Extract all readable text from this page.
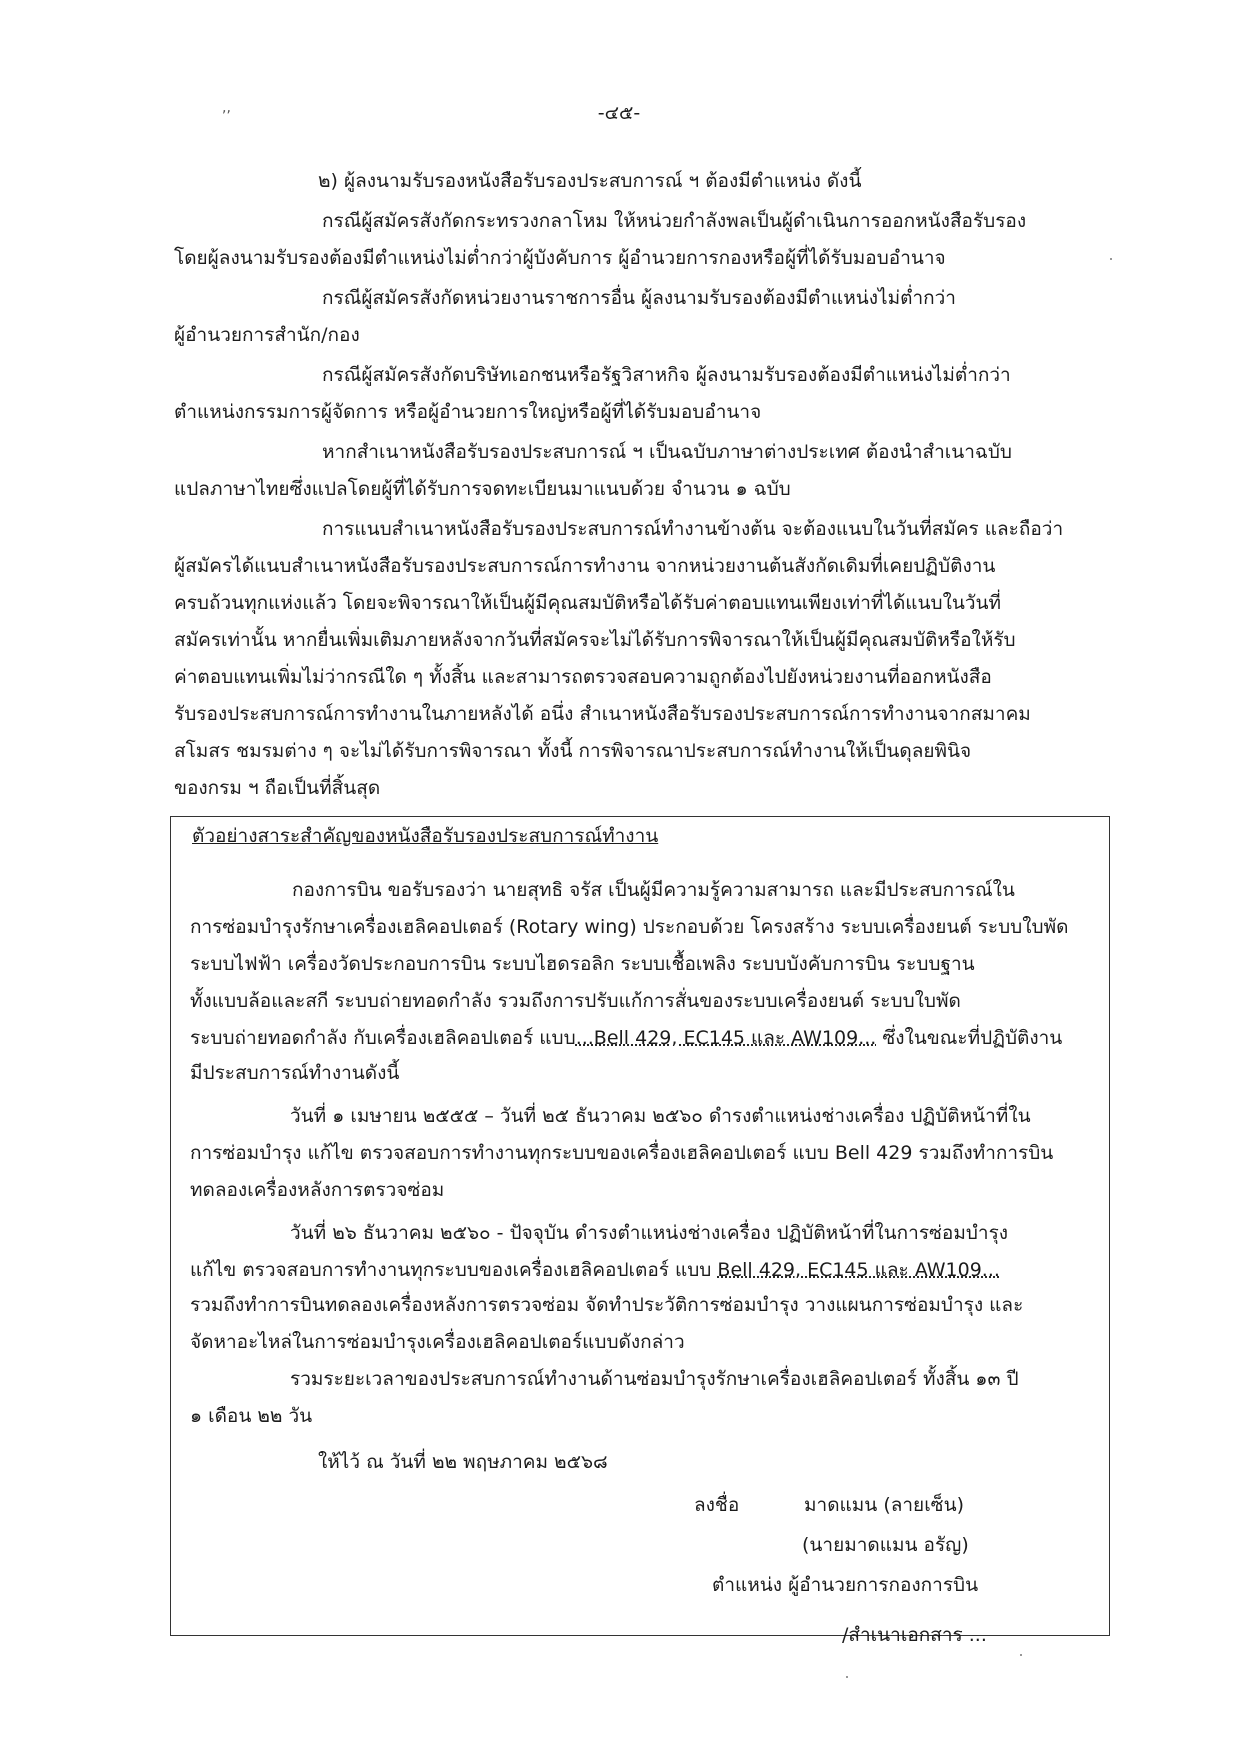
,,	-๔๕-
๒) ผู้ลงนามรับรองหนังสือรับรองประสบการณ์ ฯ ต้องมีตำแหน่ง ดังนี้
กรณีผู้สมัครสังกัดกระทรวงกลาโหม ให้หน่วยกำลังพลเป็นผู้ดำเนินการออกหนังสือรับรอง
โดยผู้ลงนามรับรองต้องมีตำแหน่งไม่ต่ำกว่าผู้บังคับการ ผู้อำนวยการกองหรือผู้ที่ได้รับมอบอำนาจ
กรณีผู้สมัครสังกัดหน่วยงานราชการอื่น ผู้ลงนามรับรองต้องมีตำแหน่งไม่ต่ำกว่า
ผู้อำนวยการสำนัก/กอง
กรณีผู้สมัครสังกัดบริษัทเอกชนหรือรัฐวิสาหกิจ ผู้ลงนามรับรองต้องมีตำแหน่งไม่ต่ำกว่า
ตำแหน่งกรรมการผู้จัดการ หรือผู้อำนวยการใหญ่หรือผู้ที่ได้รับมอบอำนาจ
หากสำเนาหนังสือรับรองประสบการณ์ ฯ เป็นฉบับภาษาต่างประเทศ ต้องนำสำเนาฉบับ
แปลภาษาไทยซึ่งแปลโดยผู้ที่ได้รับการจดทะเบียนมาแนบด้วย จำนวน ๑ ฉบับ
การแนบสำเนาหนังสือรับรองประสบการณ์ทำงานข้างต้น จะต้องแนบในวันที่สมัคร และถือว่า
ผู้สมัครได้แนบสำเนาหนังสือรับรองประสบการณ์การทำงาน จากหน่วยงานต้นสังกัดเดิมที่เคยปฏิบัติงาน
ครบถ้วนทุกแห่งแล้ว โดยจะพิจารณาให้เป็นผู้มีคุณสมบัติหรือได้รับค่าตอบแทนเพียงเท่าที่ได้แนบในวันที่
สมัครเท่านั้น หากยื่นเพิ่มเติมภายหลังจากวันที่สมัครจะไม่ได้รับการพิจารณาให้เป็นผู้มีคุณสมบัติหรือให้รับ
ค่าตอบแทนเพิ่มไม่ว่ากรณีใด ๆ ทั้งสิ้น และสามารถตรวจสอบความถูกต้องไปยังหน่วยงานที่ออกหนังสือ
รับรองประสบการณ์การทำงานในภายหลังได้ อนึ่ง สำเนาหนังสือรับรองประสบการณ์การทำงานจากสมาคม
สโมสร ชมรมต่าง ๆ จะไม่ได้รับการพิจารณา ทั้งนี้ การพิจารณาประสบการณ์ทำงานให้เป็นดุลยพินิจ
ของกรม ฯ ถือเป็นที่สิ้นสุด
ตัวอย่างสาระสำคัญของหนังสือรับรองประสบการณ์ทำงาน
กองการบิน ขอรับรองว่า นายสุทธิ จรัส เป็นผู้มีความรู้ความสามารถ และมีประสบการณ์ใน
การซ่อมบำรุงรักษาเครื่องเฮลิคอปเตอร์ (Rotary wing) ประกอบด้วย โครงสร้าง ระบบเครื่องยนต์ ระบบใบพัด
ระบบไฟฟ้า เครื่องวัดประกอบการบิน ระบบไฮดรอลิก ระบบเชื้อเพลิง ระบบบังคับการบิน ระบบฐาน
ทั้งแบบล้อและสกี ระบบถ่ายทอดกำลัง รวมถึงการปรับแก้การสั่นของระบบเครื่องยนต์ ระบบใบพัด
ระบบถ่ายทอดกำลัง กับเครื่องเฮลิคอปเตอร์ แบบ...Bell 429, EC145 และ AW109... ซึ่งในขณะที่ปฏิบัติงาน
มีประสบการณ์ทำงานดังนี้
วันที่ ๑ เมษายน ๒๕๕๕ – วันที่ ๒๕ ธันวาคม ๒๕๖๐ ดำรงตำแหน่งช่างเครื่อง ปฏิบัติหน้าที่ใน
การซ่อมบำรุง แก้ไข ตรวจสอบการทำงานทุกระบบของเครื่องเฮลิคอปเตอร์ แบบ Bell 429 รวมถึงทำการบิน
ทดลองเครื่องหลังการตรวจซ่อม
วันที่ ๒๖ ธันวาคม ๒๕๖๐ - ปัจจุบัน ดำรงตำแหน่งช่างเครื่อง ปฏิบัติหน้าที่ในการซ่อมบำรุง
แก้ไข ตรวจสอบการทำงานทุกระบบของเครื่องเฮลิคอปเตอร์ แบบ Bell 429, EC145 และ AW109...
รวมถึงทำการบินทดลองเครื่องหลังการตรวจซ่อม จัดทำประวัติการซ่อมบำรุง วางแผนการซ่อมบำรุง และ
จัดหาอะไหล่ในการซ่อมบำรุงเครื่องเฮลิคอปเตอร์แบบดังกล่าว
รวมระยะเวลาของประสบการณ์ทำงานด้านซ่อมบำรุงรักษาเครื่องเฮลิคอปเตอร์ ทั้งสิ้น ๑๓ ปี
๑ เดือน ๒๒ วัน
ให้ไว้ ณ วันที่ ๒๒ พฤษภาคม ๒๕๖๘
ลงชื่อ	มาดแมน (ลายเซ็น)
(นายมาดแมน อรัญ)
ตำแหน่ง ผู้อำนวยการกองการบิน
/สำเนาเอกสาร ...
